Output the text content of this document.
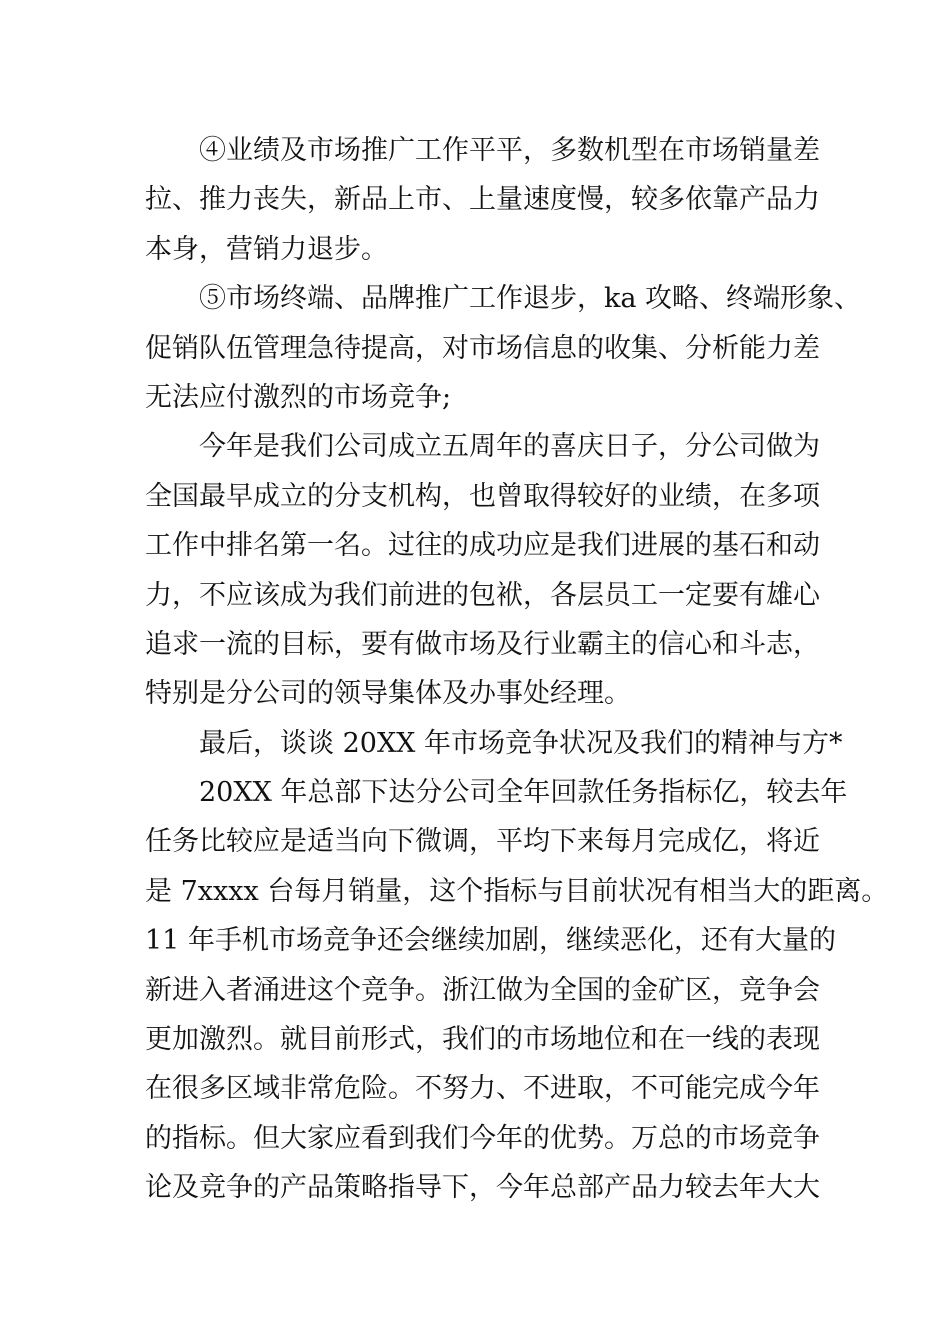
④业绩及市场推广工作平平，多数机型在市场销量差
拉、推力丧失，新品上市、上量速度慢，较多依靠产品力
本身，营销力退步。
⑤市场终端、品牌推广工作退步，ka 攻略、终端形象、
促销队伍管理急待提高，对市场信息的收集、分析能力差
无法应付激烈的市场竞争;
今年是我们公司成立五周年的喜庆日子，分公司做为
全国最早成立的分支机构，也曾取得较好的业绩，在多项
工作中排名第一名。过往的成功应是我们进展的基石和动
力，不应该成为我们前进的包袱，各层员工一定要有雄心
追求一流的目标，要有做市场及行业霸主的信心和斗志，
特别是分公司的领导集体及办事处经理。
最后，谈谈 20XX 年市场竞争状况及我们的精神与方*
20XX 年总部下达分公司全年回款任务指标亿，较去年
任务比较应是适当向下微调，平均下来每月完成亿，将近
是 7xxxx 台每月销量，这个指标与目前状况有相当大的距离。
11 年手机市场竞争还会继续加剧，继续恶化，还有大量的
新进入者涌进这个竞争。浙江做为全国的金矿区，竞争会
更加激烈。就目前形式，我们的市场地位和在一线的表现
在很多区域非常危险。不努力、不进取，不可能完成今年
的指标。但大家应看到我们今年的优势。万总的市场竞争
论及竞争的产品策略指导下，今年总部产品力较去年大大
